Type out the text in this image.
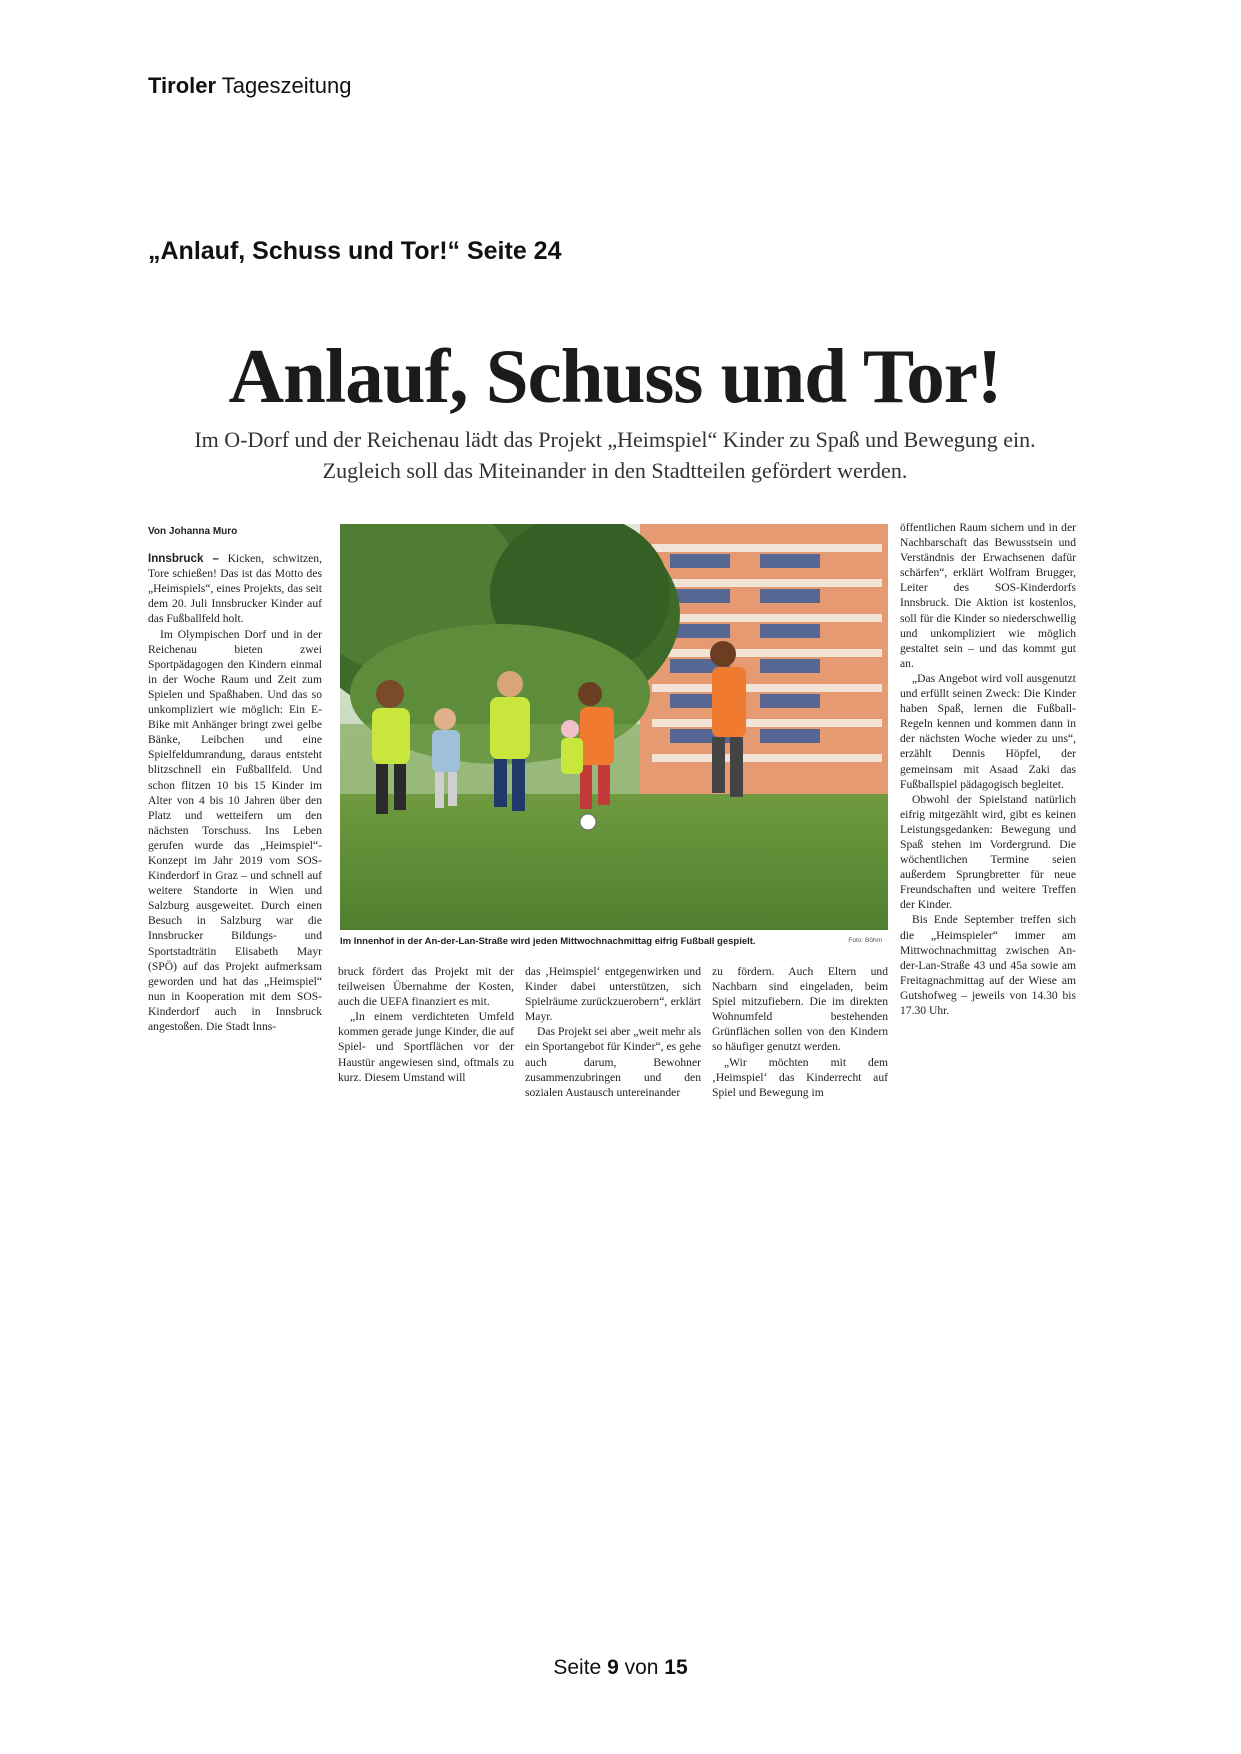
Tiroler Tageszeitung
„Anlauf, Schuss und Tor!“ Seite 24
Anlauf, Schuss und Tor!
Im O-Dorf und der Reichenau lädt das Projekt „Heimspiel“ Kinder zu Spaß und Bewegung ein. Zugleich soll das Miteinander in den Stadtteilen gefördert werden.
Von Johanna Muro

Innsbruck – Kicken, schwitzen, Tore schießen! Das ist das Motto des „Heimspiels“, eines Projekts, das seit dem 20. Juli Innsbrucker Kinder auf das Fußballfeld holt.

Im Olympischen Dorf und in der Reichenau bieten zwei Sportpädagogen den Kindern einmal in der Woche Raum und Zeit zum Spielen und Spaßhaben. Und das so unkompliziert wie möglich: Ein E-Bike mit Anhänger bringt zwei gelbe Bänke, Leibchen und eine Spielfeldumrandung, daraus entsteht blitzschnell ein Fußballfeld. Und schon flitzen 10 bis 15 Kinder im Alter von 4 bis 10 Jahren über den Platz und wetteifern um den nächsten Torschuss. Ins Leben gerufen wurde das „Heimspiel“-Konzept im Jahr 2019 vom SOS-Kinderdorf in Graz – und schnell auf weitere Standorte in Wien und Salzburg ausgeweitet. Durch einen Besuch in Salzburg war die Innsbrucker Bildungs- und Sportstadträtin Elisabeth Mayr (SPÖ) auf das Projekt aufmerksam geworden und hat das „Heimspiel“ nun in Kooperation mit dem SOS-Kinderdorf auch in Innsbruck angestoßen. Die Stadt Inns-

Im Innenhof in der An-der-Lan-Straße wird jeden Mittwochnachmittag eifrig Fußball gespielt.	Foto: Böhm

bruck fördert das Projekt mit der teilweisen Übernahme der Kosten, auch die UEFA finanziert es mit.

„In einem verdichteten Umfeld kommen gerade junge Kinder, die auf Spiel- und Sportflächen vor der Haustür angewiesen sind, oftmals zu kurz. Diesem Umstand will

das ‚Heimspiel‘ entgegenwirken und Kinder dabei unterstützen, sich Spielräume zurückzuerobern“, erklärt Mayr.

Das Projekt sei aber „weit mehr als ein Sportangebot für Kinder“, es gehe auch darum, Bewohner zusammenzubringen und den sozialen Austausch untereinander

zu fördern. Auch Eltern und Nachbarn sind eingeladen, beim Spiel mitzufiebern. Die im direkten Wohnumfeld bestehenden Grünflächen sollen von den Kindern so häufiger genutzt werden.

„Wir möchten mit dem ‚Heimspiel‘ das Kinderrecht auf Spiel und Bewegung im

öffentlichen Raum sichern und in der Nachbarschaft das Bewusstsein und Verständnis der Erwachsenen dafür schärfen“, erklärt Wolfram Brugger, Leiter des SOS-Kinderdorfs Innsbruck. Die Aktion ist kostenlos, soll für die Kinder so niederschwellig und unkompliziert wie möglich gestaltet sein – und das kommt gut an.

„Das Angebot wird voll ausgenutzt und erfüllt seinen Zweck: Die Kinder haben Spaß, lernen die Fußball-Regeln kennen und kommen dann in der nächsten Woche wieder zu uns“, erzählt Dennis Höpfel, der gemeinsam mit Asaad Zaki das Fußballspiel pädagogisch begleitet.

Obwohl der Spielstand natürlich eifrig mitgezählt wird, gibt es keinen Leistungsgedanken: Bewegung und Spaß stehen im Vordergrund. Die wöchentlichen Termine seien außerdem Sprungbretter für neue Freundschaften und weitere Treffen der Kinder.

Bis Ende September treffen sich die „Heimspieler“ immer am Mittwochnachmittag zwischen An-der-Lan-Straße 43 und 45a sowie am Freitagnachmittag auf der Wiese am Gutshofweg – jeweils von 14.30 bis 17.30 Uhr.

Seite 9 von 15
